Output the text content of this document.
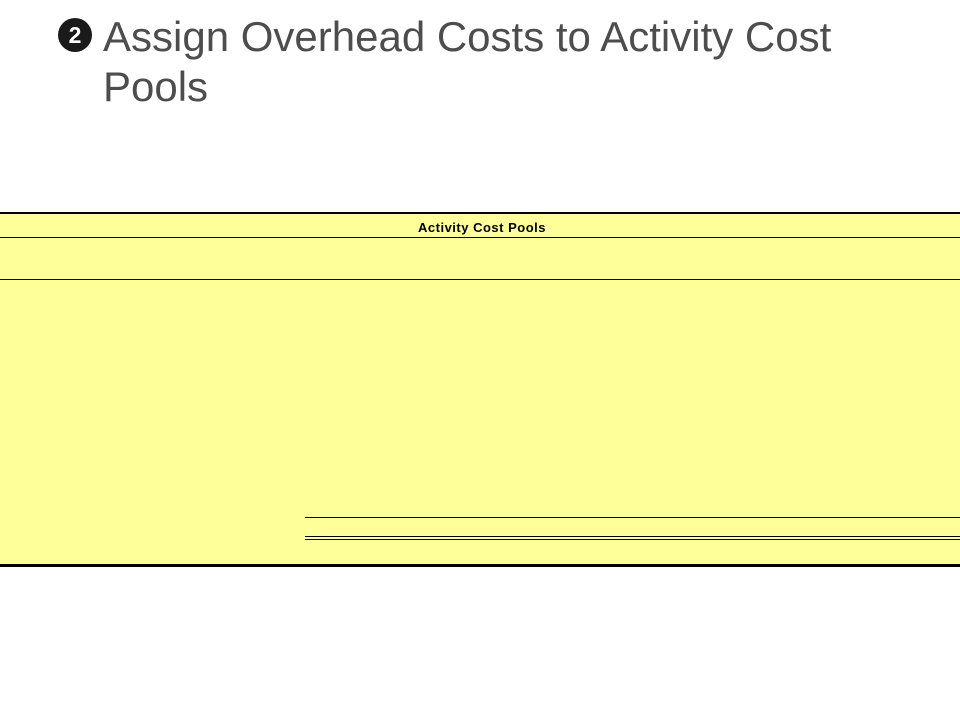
2 Assign Overhead Costs to Activity Cost Pools
Activity Cost Pools
